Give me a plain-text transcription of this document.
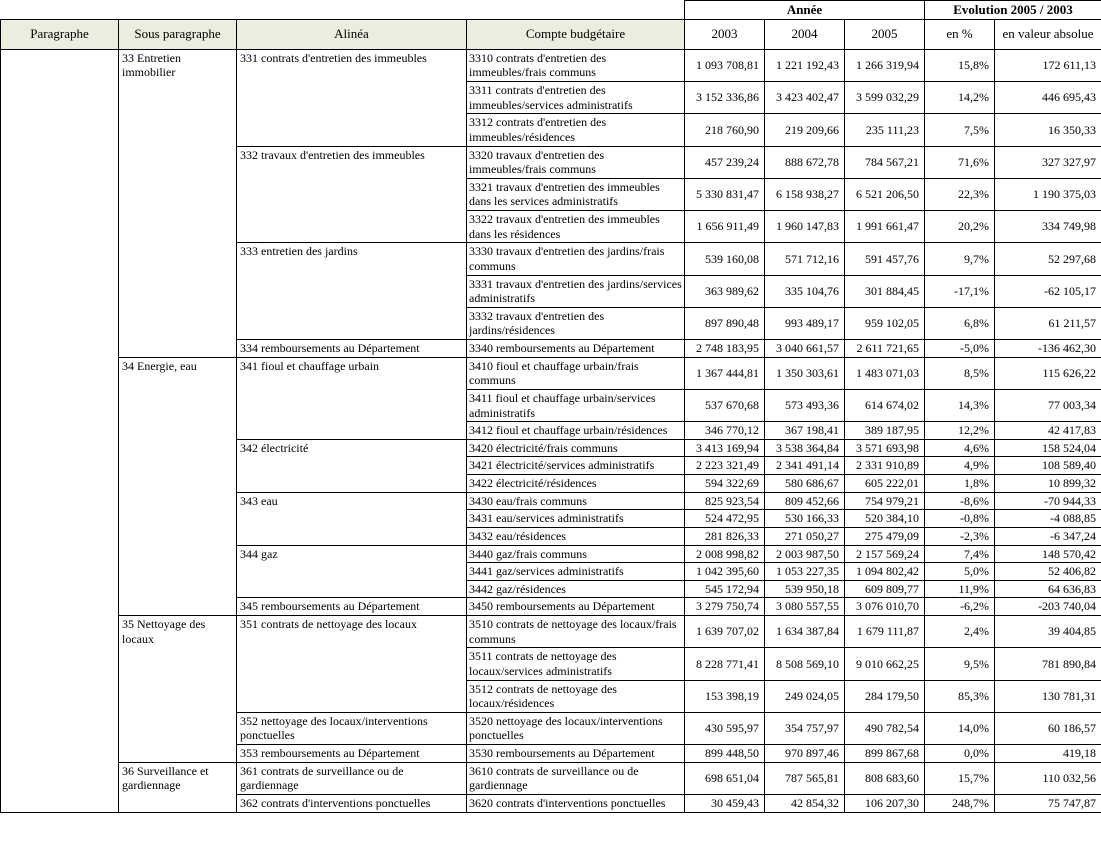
				Année			Evolution 2005 / 2003	
Paragraphe	Sous paragraphe	Alinéa	Compte budgétaire	2003	2004	2005	en %	en valeur absolue
	33 Entretien immobilier	331 contrats d'entretien des immeubles	3310 contrats d'entretien des immeubles/frais communs	1 093 708,81	1 221 192,43	1 266 319,94	15,8%	172 611,13
			3311 contrats d'entretien des immeubles/services administratifs	3 152 336,86	3 423 402,47	3 599 032,29	14,2%	446 695,43
			3312 contrats d'entretien des immeubles/résidences	218 760,90	219 209,66	235 111,23	7,5%	16 350,33
		332 travaux d'entretien des immeubles	3320 travaux d'entretien des immeubles/frais communs	457 239,24	888 672,78	784 567,21	71,6%	327 327,97
			3321 travaux d'entretien des immeubles dans les services administratifs	5 330 831,47	6 158 938,27	6 521 206,50	22,3%	1 190 375,03
			3322 travaux d'entretien des immeubles dans les résidences	1 656 911,49	1 960 147,83	1 991 661,47	20,2%	334 749,98
		333 entretien des jardins	3330 travaux d'entretien des jardins/frais communs	539 160,08	571 712,16	591 457,76	9,7%	52 297,68
			3331 travaux d'entretien des jardins/services administratifs	363 989,62	335 104,76	301 884,45	-17,1%	-62 105,17
			3332 travaux d'entretien des jardins/résidences	897 890,48	993 489,17	959 102,05	6,8%	61 211,57
		334 remboursements au Département	3340 remboursements au Département	2 748 183,95	3 040 661,57	2 611 721,65	-5,0%	-136 462,30
	34 Energie, eau	341 fioul et chauffage urbain	3410 fioul et chauffage urbain/frais communs	1 367 444,81	1 350 303,61	1 483 071,03	8,5%	115 626,22
			3411 fioul et chauffage urbain/services administratifs	537 670,68	573 493,36	614 674,02	14,3%	77 003,34
			3412 fioul et chauffage urbain/résidences	346 770,12	367 198,41	389 187,95	12,2%	42 417,83
		342 électricité	3420 électricité/frais communs	3 413 169,94	3 538 364,84	3 571 693,98	4,6%	158 524,04
			3421 électricité/services administratifs	2 223 321,49	2 341 491,14	2 331 910,89	4,9%	108 589,40
			3422 électricité/résidences	594 322,69	580 686,67	605 222,01	1,8%	10 899,32
		343 eau	3430 eau/frais communs	825 923,54	809 452,66	754 979,21	-8,6%	-70 944,33
			3431 eau/services administratifs	524 472,95	530 166,33	520 384,10	-0,8%	-4 088,85
			3432 eau/résidences	281 826,33	271 050,27	275 479,09	-2,3%	-6 347,24
		344 gaz	3440 gaz/frais communs	2 008 998,82	2 003 987,50	2 157 569,24	7,4%	148 570,42
			3441 gaz/services administratifs	1 042 395,60	1 053 227,35	1 094 802,42	5,0%	52 406,82
			3442 gaz/résidences	545 172,94	539 950,18	609 809,77	11,9%	64 636,83
		345 remboursements au Département	3450 remboursements au Département	3 279 750,74	3 080 557,55	3 076 010,70	-6,2%	-203 740,04
	35 Nettoyage des locaux	351 contrats de nettoyage des locaux	3510 contrats de nettoyage des locaux/frais communs	1 639 707,02	1 634 387,84	1 679 111,87	2,4%	39 404,85
			3511 contrats de nettoyage des locaux/services administratifs	8 228 771,41	8 508 569,10	9 010 662,25	9,5%	781 890,84
			3512 contrats de nettoyage des locaux/résidences	153 398,19	249 024,05	284 179,50	85,3%	130 781,31
		352 nettoyage des locaux/interventions ponctuelles	3520 nettoyage des locaux/interventions ponctuelles	430 595,97	354 757,97	490 782,54	14,0%	60 186,57
		353 remboursements au Département	3530 remboursements au Département	899 448,50	970 897,46	899 867,68	0,0%	419,18
	36 Surveillance et gardiennage	361 contrats de surveillance ou de gardiennage	3610 contrats de surveillance ou de gardiennage	698 651,04	787 565,81	808 683,60	15,7%	110 032,56
		362 contrats d'interventions ponctuelles	3620 contrats d'interventions ponctuelles	30 459,43	42 854,32	106 207,30	248,7%	75 747,87
